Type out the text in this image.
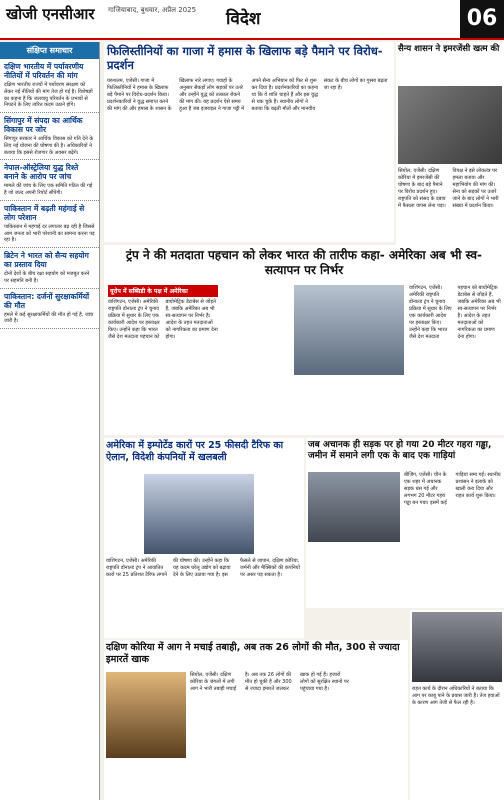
खोजी एनसीआर गाजियाबाद, बुधवार, अप्रैल 2025	विदेश	06
संक्षिप्त समाचार
दक्षिण भारतीय में पर्यावरणीय नीतियों में परिवर्तन की मांग
दक्षिण भारतीय राज्यों में पर्यावरण संरक्षण को लेकर नई नीतियों की मांग तेज हो गई है। विशेषज्ञों का कहना है कि जलवायु परिवर्तन के प्रभावों से निपटने के लिए त्वरित कदम उठाने होंगे।
सिंगापुर में संपदा का आर्थिक विकास पर जोर
सिंगापुर सरकार ने आर्थिक विकास को गति देने के लिए नई योजना की घोषणा की है। अधिकारियों ने बताया कि इससे रोजगार के अवसर बढ़ेंगे।
नेपाल-ऑस्ट्रेलिया युद्ध रिश्ते बनाने के आरोप पर जांच
मामले की जांच के लिए एक समिति गठित की गई है जो जल्द अपनी रिपोर्ट सौंपेगी।
पाकिस्तान में बढ़ती महंगाई से लोग परेशान
पाकिस्तान में महंगाई दर लगातार बढ़ रही है जिससे आम जनता को भारी परेशानी का सामना करना पड़ रहा है।
ब्रिटेन ने भारत को सैन्य सहयोग का प्रस्ताव दिया
दोनों देशों के बीच रक्षा सहयोग को मजबूत करने पर सहमति बनी है।
पाकिस्तान: दर्जनों सुरक्षाकर्मियों की मौत
हमले में कई सुरक्षाकर्मियों की मौत हो गई है, जांच जारी है।
फिलिस्तीनियों का गाजा में हमास के खिलाफ बड़े पैमाने पर विरोध-प्रदर्शन
यरुशलम, एजेंसी। गाजा में फिलिस्तीनियों ने हमास के खिलाफ बड़े पैमाने पर विरोध-प्रदर्शन किया। प्रदर्शनकारियों ने युद्ध समाप्त करने की मांग की और हमास के शासन के खिलाफ नारे लगाए। गवाहों के अनुसार सैकड़ों लोग सड़कों पर उतरे और उन्होंने युद्ध को तत्काल रोकने की मांग की। यह प्रदर्शन ऐसे समय हुआ है जब इजराइल ने गाजा पट्टी में अपने सैन्य अभियान को फिर से शुरू कर दिया है। प्रदर्शनकारियों का कहना था कि वे शांति चाहते हैं और इस युद्ध से थक चुके हैं। स्थानीय लोगों ने बताया कि बढ़ती मौतों और मानवीय संकट के बीच लोगों का गुस्सा बढ़ता जा रहा है।
सैन्य शासन ने इमरजेंसी खत्म की
सियोल, एजेंसी। दक्षिण कोरिया में इमरजेंसी की घोषणा के बाद बड़े पैमाने पर विरोध प्रदर्शन हुए। राष्ट्रपति को संसद के दबाव में फैसला वापस लेना पड़ा। विपक्ष ने इसे लोकतंत्र पर हमला बताया और महाभियोग की मांग की। सेना को सड़कों पर उतारे जाने के बाद लोगों ने भारी संख्या में प्रदर्शन किया।
ट्रंप ने की मतदाता पहचान को लेकर भारत की तारीफ कहा- अमेरिका अब भी स्व-सत्यापन पर निर्भर
यूरोप में सब्सिडी के पक्ष में अमेरिका
वाशिंगटन, एजेंसी। अमेरिकी राष्ट्रपति डोनाल्ड ट्रंप ने चुनाव प्रक्रिया में सुधार के लिए एक कार्यकारी आदेश पर हस्ताक्षर किए। उन्होंने कहा कि भारत जैसे देश मतदाता पहचान को बायोमेट्रिक डेटाबेस से जोड़ते हैं, जबकि अमेरिका अब भी स्व-सत्यापन पर निर्भर है। आदेश के तहत मतदाताओं को नागरिकता का प्रमाण देना होगा।
वाशिंगटन, एजेंसी। अमेरिकी राष्ट्रपति डोनाल्ड ट्रंप ने चुनाव प्रक्रिया में सुधार के लिए एक कार्यकारी आदेश पर हस्ताक्षर किए। उन्होंने कहा कि भारत जैसे देश मतदाता पहचान को बायोमेट्रिक डेटाबेस से जोड़ते हैं, जबकि अमेरिका अब भी स्व-सत्यापन पर निर्भर है। आदेश के तहत मतदाताओं को नागरिकता का प्रमाण देना होगा।
अमेरिका में इम्पोर्टेड कारों पर 25 फीसदी टैरिफ का ऐलान, विदेशी कंपनियों में खलबली
वाशिंगटन, एजेंसी। अमेरिकी राष्ट्रपति डोनाल्ड ट्रंप ने आयातित कारों पर 25 प्रतिशत टैरिफ लगाने की घोषणा की। उन्होंने कहा कि यह कदम घरेलू उद्योग को बढ़ावा देने के लिए उठाया गया है। इस फैसले से जापान, दक्षिण कोरिया, जर्मनी और मैक्सिको की कंपनियों पर असर पड़ सकता है।
जब अचानक ही सड़क पर हो गया 20 मीटर गहरा गड्ढा, जमीन में समाने लगी एक के बाद एक गाड़ियां
बीजिंग, एजेंसी। चीन के एक शहर में अचानक सड़क धंस गई और लगभग 20 मीटर गहरा गड्ढा बन गया। इसमें कई गाड़ियां समा गईं। स्थानीय प्रशासन ने इलाके को खाली करा दिया और राहत कार्य शुरू किया।
दक्षिण कोरिया में आग ने मचाई तबाही, अब तक 26 लोगों की मौत, 300 से ज्यादा इमारतें खाक
सियोल, एजेंसी। दक्षिण कोरिया के जंगलों में लगी आग ने भारी तबाही मचाई है। अब तक 26 लोगों की मौत हो चुकी है और 300 से ज्यादा इमारतें जलकर खाक हो गई हैं। हजारों लोगों को सुरक्षित स्थानों पर पहुंचाया गया है।	राहत कार्य के दौरान अधिकारियों ने बताया कि आग पर काबू पाने के प्रयास जारी हैं। तेज हवाओं के कारण आग तेजी से फैल रही है।
